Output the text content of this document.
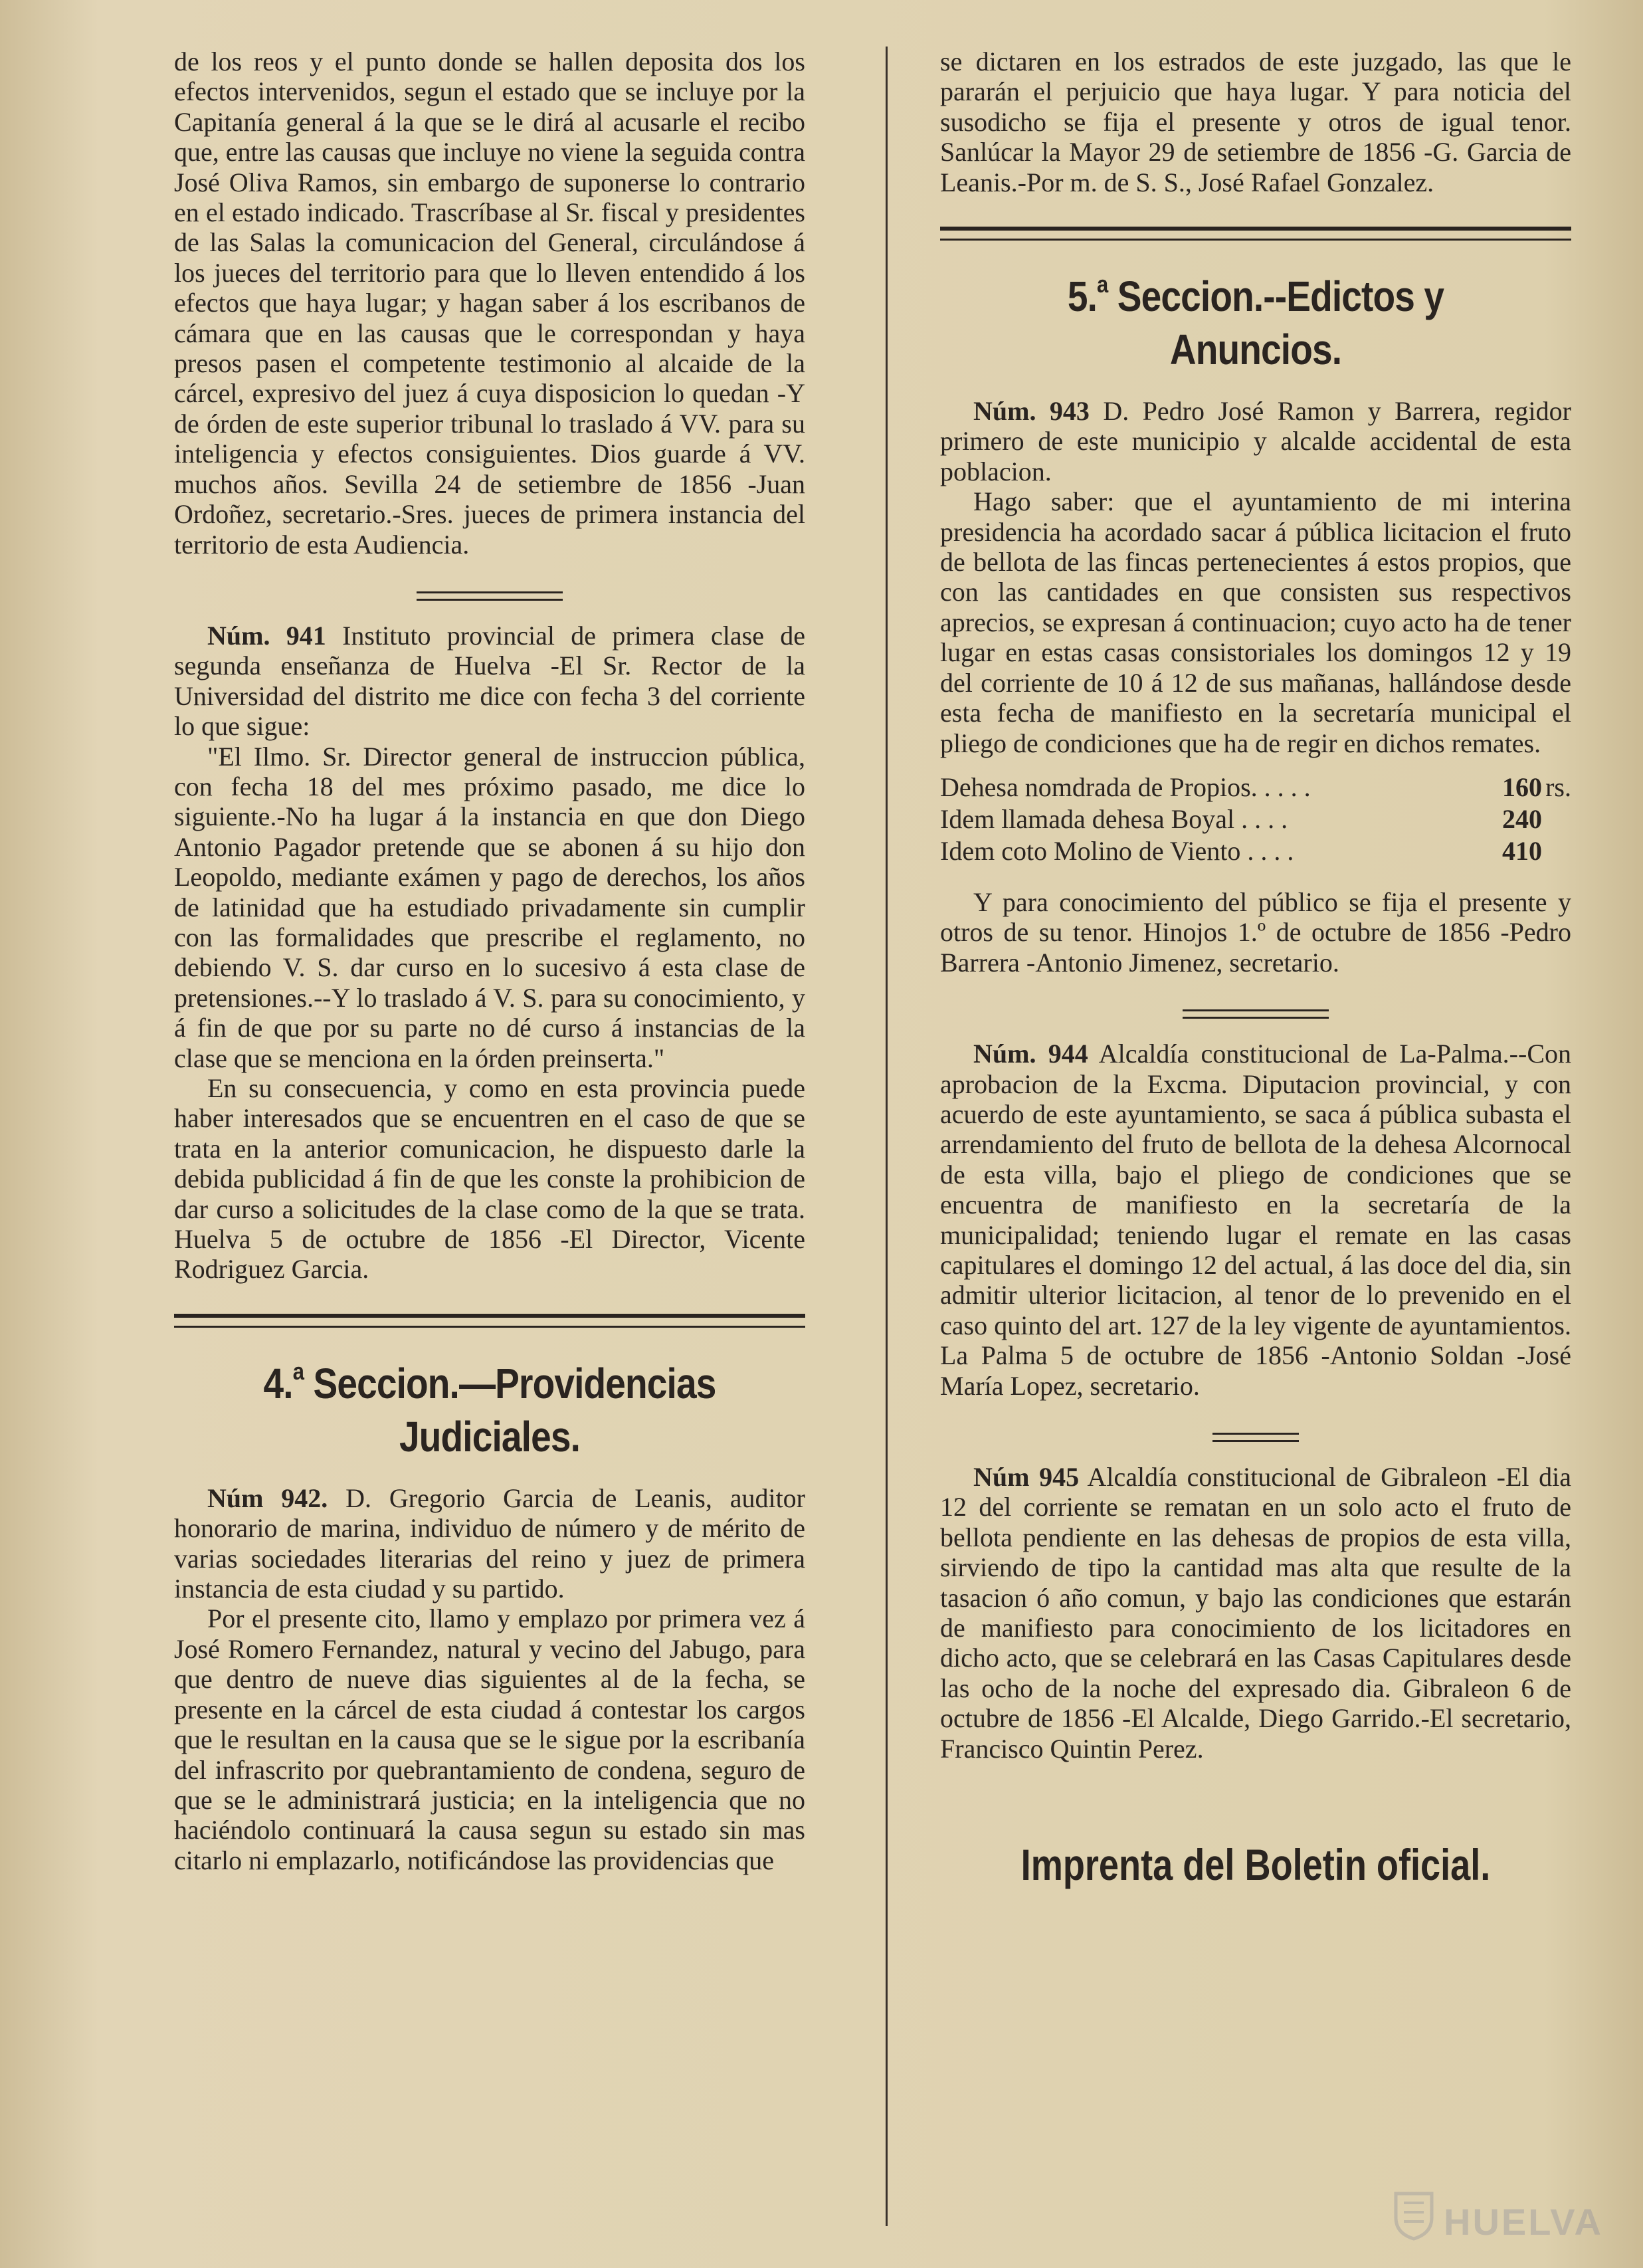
de los reos y el punto donde se hallen deposita dos los efectos intervenidos, segun el estado que se incluye por la Capitanía general á la que se le dirá al acusarle el recibo que, entre las causas que incluye no viene la seguida contra José Oliva Ramos, sin embargo de suponerse lo contrario en el estado indicado. Trascríbase al Sr. fiscal y presidentes de las Salas la comunicacion del General, circulándose á los jueces del territorio para que lo lleven entendido á los efectos que haya lugar; y hagan saber á los escribanos de cámara que en las causas que le correspondan y haya presos pasen el competente testimonio al alcaide de la cárcel, expresivo del juez á cuya disposicion lo quedan -Y de órden de este superior tribunal lo traslado á VV. para su inteligencia y efectos consiguientes. Dios guarde á VV. muchos años. Sevilla 24 de setiembre de 1856 -Juan Ordoñez, secretario.-Sres. jueces de primera instancia del territorio de esta Audiencia.

Núm. 941 Instituto provincial de primera clase de segunda enseñanza de Huelva -El Sr. Rector de la Universidad del distrito me dice con fecha 3 del corriente lo que sigue:

"El Ilmo. Sr. Director general de instruccion pública, con fecha 18 del mes próximo pasado, me dice lo siguiente.-No ha lugar á la instancia en que don Diego Antonio Pagador pretende que se abonen á su hijo don Leopoldo, mediante exámen y pago de derechos, los años de latinidad que ha estudiado privadamente sin cumplir con las formalidades que prescribe el reglamento, no debiendo V. S. dar curso en lo sucesivo á esta clase de pretensiones.--Y lo traslado á V. S. para su conocimiento, y á fin de que por su parte no dé curso á instancias de la clase que se menciona en la órden preinserta."

En su consecuencia, y como en esta provincia puede haber interesados que se encuentren en el caso de que se trata en la anterior comunicacion, he dispuesto darle la debida publicidad á fin de que les conste la prohibicion de dar curso a solicitudes de la clase como de la que se trata. Huelva 5 de octubre de 1856 -El Director, Vicente Rodriguez Garcia.

4.$^a$ Seccion.—Providencias Judiciales.

Núm 942. D. Gregorio Garcia de Leanis, auditor honorario de marina, individuo de número y de mérito de varias sociedades literarias del reino y juez de primera instancia de esta ciudad y su partido.

Por el presente cito, llamo y emplazo por primera vez á José Romero Fernandez, natural y vecino del Jabugo, para que dentro de nueve dias siguientes al de la fecha, se presente en la cárcel de esta ciudad á contestar los cargos que le resultan en la causa que se le sigue por la escribanía del infrascrito por quebrantamiento de condena, seguro de que se le administrará justicia; en la inteligencia que no haciéndolo continuará la causa segun su estado sin mas citarlo ni emplazarlo, notificándose las providencias que

se dictaren en los estrados de este juzgado, las que le pararán el perjuicio que haya lugar. Y para noticia del susodicho se fija el presente y otros de igual tenor. Sanlúcar la Mayor 29 de setiembre de 1856 -G. Garcia de Leanis.-Por m. de S. S., José Rafael Gonzalez.

5.$^a$ Seccion.--Edictos y Anuncios.

Núm. 943 D. Pedro José Ramon y Barrera, regidor primero de este municipio y alcalde accidental de esta poblacion.

Hago saber: que el ayuntamiento de mi interina presidencia ha acordado sacar á pública licitacion el fruto de bellota de las fincas pertenecientes á estos propios, que con las cantidades en que consisten sus respectivos aprecios, se expresan á continuacion; cuyo acto ha de tener lugar en estas casas consistoriales los domingos 12 y 19 del corriente de 10 á 12 de sus mañanas, hallándose desde esta fecha de manifiesto en la secretaría municipal el pliego de condiciones que ha de regir en dichos remates.

Dehesa nomdrada de Propios. . . . .	160	rs.
Idem llamada dehesa Boyal . . . .	240	
Idem coto Molino de Viento . . . .	410	

Y para conocimiento del público se fija el presente y otros de su tenor. Hinojos 1.º de octubre de 1856 -Pedro Barrera -Antonio Jimenez, secretario.

Núm. 944 Alcaldía constitucional de La-Palma.--Con aprobacion de la Excma. Diputacion provincial, y con acuerdo de este ayuntamiento, se saca á pública subasta el arrendamiento del fruto de bellota de la dehesa Alcornocal de esta villa, bajo el pliego de condiciones que se encuentra de manifiesto en la secretaría de la municipalidad; teniendo lugar el remate en las casas capitulares el domingo 12 del actual, á las doce del dia, sin admitir ulterior licitacion, al tenor de lo prevenido en el caso quinto del art. 127 de la ley vigente de ayuntamientos. La Palma 5 de octubre de 1856 -Antonio Soldan -José María Lopez, secretario.

Núm 945 Alcaldía constitucional de Gibraleon -El dia 12 del corriente se rematan en un solo acto el fruto de bellota pendiente en las dehesas de propios de esta villa, sirviendo de tipo la cantidad mas alta que resulte de la tasacion ó año comun, y bajo las condiciones que estarán de manifiesto para conocimiento de los licitadores en dicho acto, que se celebrará en las Casas Capitulares desde las ocho de la noche del expresado dia. Gibraleon 6 de octubre de 1856 -El Alcalde, Diego Garrido.-El secretario, Francisco Quintin Perez.

Imprenta del Boletin oficial.
HUELVA
